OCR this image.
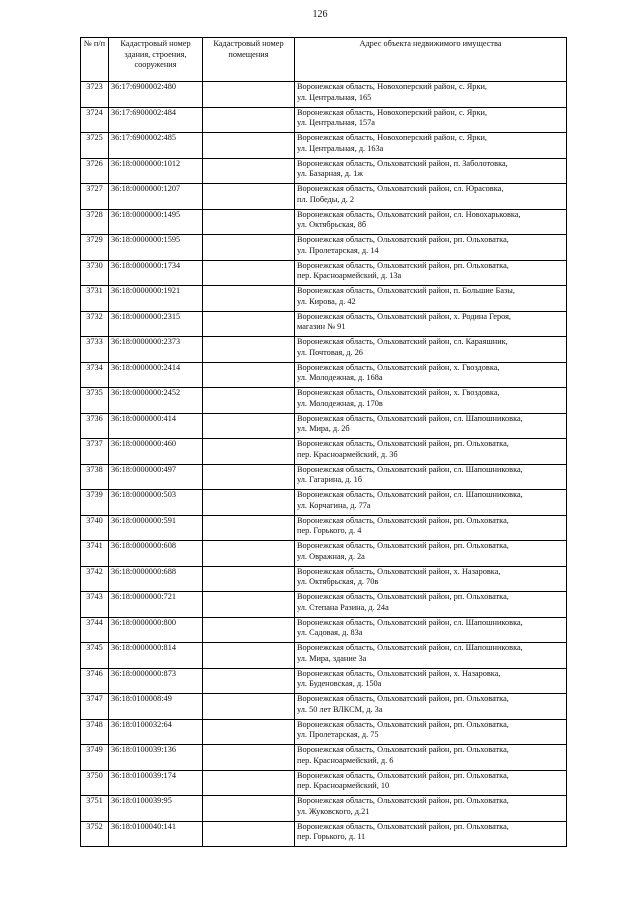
126
№ п/п	Кадастровый номер здания, строения, сооружения	Кадастровый номер помещения	Адрес объекта недвижимого имущества
3723	36:17:6900002:480		Воронежская область, Новохоперский район, с. Ярки,
ул. Центральная, 165

3724	36:17:6900002:484		Воронежская область, Новохоперский район, с. Ярки,
ул. Центральная, 157а

3725	36:17:6900002:485		Воронежская область, Новохоперский район, с. Ярки,
ул. Центральная, д. 163а

3726	36:18:0000000:1012		Воронежская область, Ольховатский район, п. Заболотовка,
ул. Базарная, д. 1ж

3727	36:18:0000000:1207		Воронежская область, Ольховатский район, сл. Юрасовка,
пл. Победы, д. 2

3728	36:18:0000000:1495		Воронежская область, Ольховатский район, сл. Новохарьковка,
ул. Октябрьская, 8б

3729	36:18:0000000:1595		Воронежская область, Ольховатский район, рп. Ольховатка,
ул. Пролетарская, д. 14

3730	36:18:0000000:1734		Воронежская область, Ольховатский район, рп. Ольховатка,
пер. Красноармейский, д. 13а

3731	36:18:0000000:1921		Воронежская область, Ольховатский район, п. Большие Базы,
ул. Кирова, д. 42

3732	36:18:0000000:2315		Воронежская область, Ольховатский район, х. Родина Героя,
магазин № 91

3733	36:18:0000000:2373		Воронежская область, Ольховатский район, сл. Караяшник,
ул. Почтовая, д. 26

3734	36:18:0000000:2414		Воронежская область, Ольховатский район, х. Гвоздовка,
ул. Молодежная, д. 168а

3735	36:18:0000000:2452		Воронежская область, Ольховатский район, х. Гвоздовка,
ул. Молодежная, д. 170в

3736	36:18:0000000:414		Воронежская область, Ольховатский район, сл. Шапошниковка,
ул. Мира, д. 2б

3737	36:18:0000000:460		Воронежская область, Ольховатский район, рп. Ольховатка,
пер. Красноармейский, д. 3б

3738	36:18:0000000:497		Воронежская область, Ольховатский район, сл. Шапошниковка,
ул. Гагарина, д. 1б

3739	36:18:0000000:503		Воронежская область, Ольховатский район, сл. Шапошниковка,
ул. Корчагина, д. 77а

3740	36:18:0000000:591		Воронежская область, Ольховатский район, рп. Ольховатка,
пер. Горького, д. 4

3741	36:18:0000000:608		Воронежская область, Ольховатский район, рп. Ольховатка,
ул. Овражная, д. 2а

3742	36:18:0000000:688		Воронежская область, Ольховатский район, х. Назаровка,
ул. Октябрьская, д. 70в

3743	36:18:0000000:721		Воронежская область, Ольховатский район, рп. Ольховатка,
ул. Степана Разина, д. 24а

3744	36:18:0000000:800		Воронежская область, Ольховатский район, сл. Шапошниковка,
ул. Садовая, д. 83а

3745	36:18:0000000:814		Воронежская область, Ольховатский район, сл. Шапошниковка,
ул. Мира, здание 3а

3746	36:18:0000000:873		Воронежская область, Ольховатский район, х. Назаровка,
ул. Буденовская, д. 150а

3747	36:18:0100008:49		Воронежская область, Ольховатский район, рп. Ольховатка,
ул. 50 лет ВЛКСМ, д. 3а

3748	36:18:0100032:64		Воронежская область, Ольховатский район, рп. Ольховатка,
ул. Пролетарская, д. 75

3749	36:18:0100039:136		Воронежская область, Ольховатский район, рп. Ольховатка,
пер. Красноармейский, д. 6

3750	36:18:0100039:174		Воронежская область, Ольховатский район, рп. Ольховатка,
пер. Красноармейский, 10

3751	36:18:0100039:95		Воронежская область, Ольховатский район, рп. Ольховатка,
ул. Жуковского, д.21

3752	36:18:0100040:141		Воронежская область, Ольховатский район, рп. Ольховатка,
пер. Горького, д. 11
